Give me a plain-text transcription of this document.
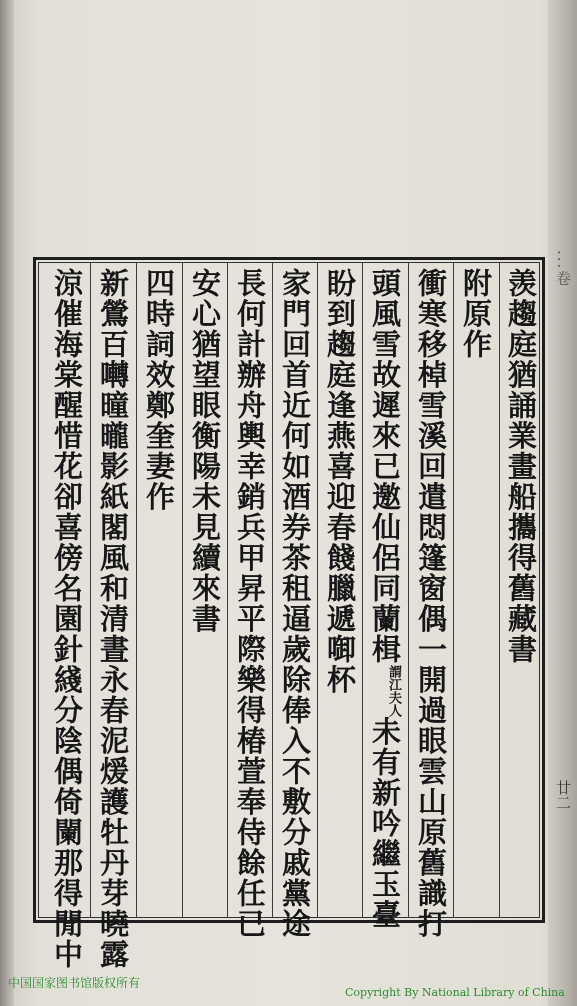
...卷
廿二
羡趨庭猶誦業畫船攜得舊藏書
附原作
衝寒移棹雪溪回遣悶篷窗偶一開過眼雲山原舊識打
頭風雪故遲來已邀仙侶同蘭楫謂江夫人未有新吟繼玉臺
盼到趨庭逢燕喜迎春餞臘遞啣杯
家門回首近何如酒券茶租逼歲除俸入不敷分戚黨途
長何計辦舟輿幸銷兵甲昇平際樂得椿萱奉侍餘任已
安心猶望眼衡陽未見續來書
四時詞效鄭奎妻作
新鶯百囀曈曨影紙閣風和清晝永春泥煖護牡丹芽曉露
涼催海棠醒惜花卻喜傍名園針綫分陰偶倚闌那得閒中
中国国家图书馆版权所有
Copyright By National Library of China
